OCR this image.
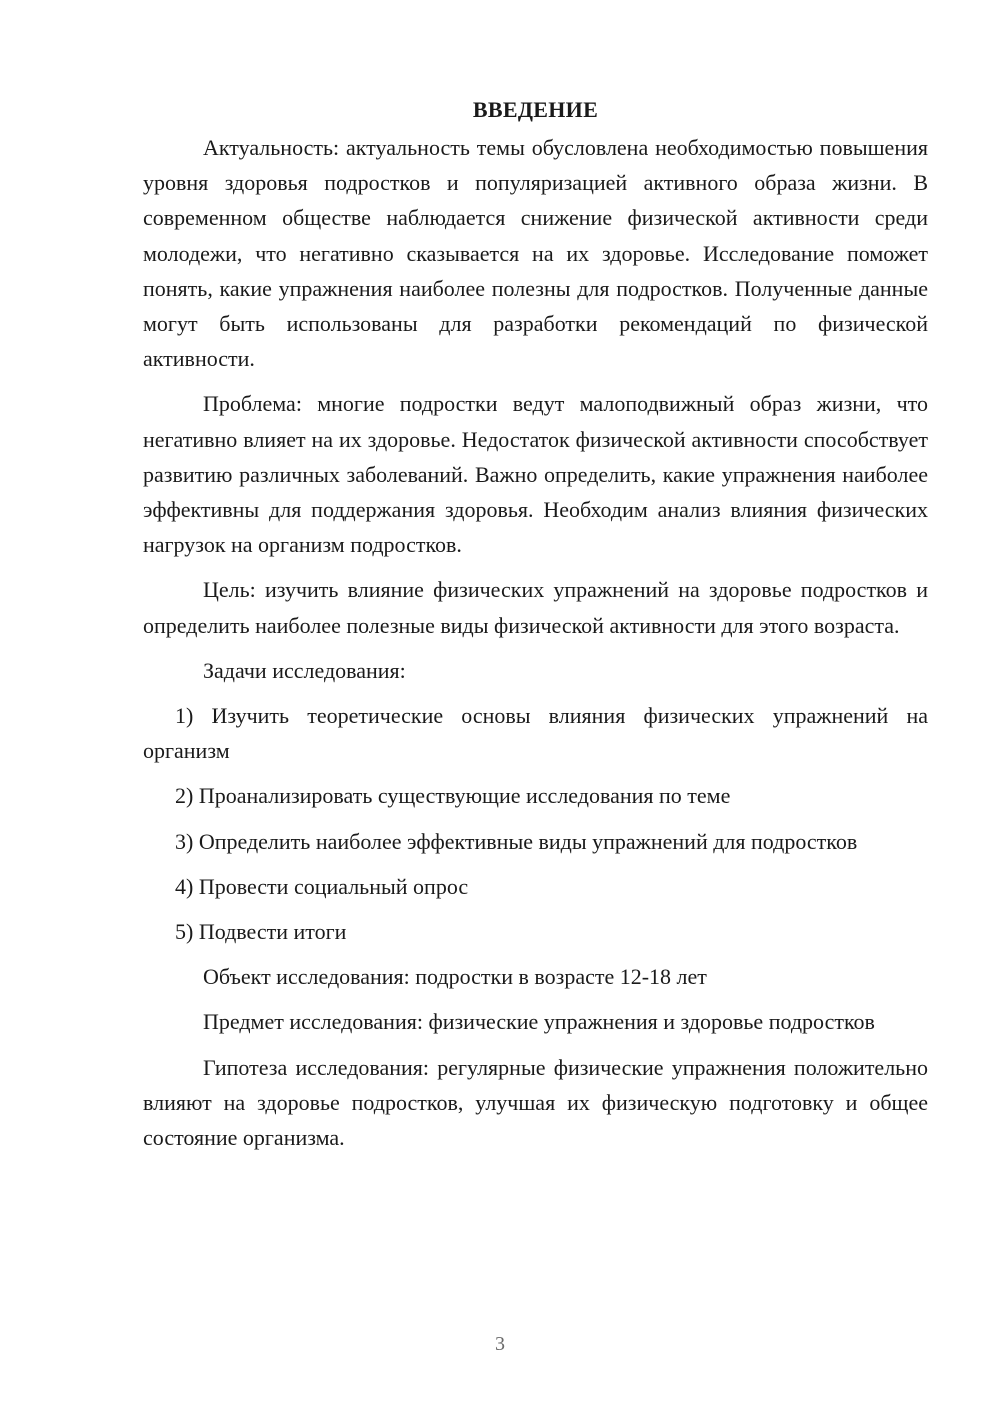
ВВЕДЕНИЕ

Актуальность: актуальность темы обусловлена необходимостью повышения уровня здоровья подростков и популяризацией активного образа жизни. В современном обществе наблюдается снижение физической активности среди молодежи, что негативно сказывается на их здоровье. Исследование поможет понять, какие упражнения наиболее полезны для подростков. Полученные данные могут быть использованы для разработки рекомендаций по физической активности.

Проблема: многие подростки ведут малоподвижный образ жизни, что негативно влияет на их здоровье. Недостаток физической активности способствует развитию различных заболеваний. Важно определить, какие упражнения наиболее эффективны для поддержания здоровья. Необходим анализ влияния физических нагрузок на организм подростков.

Цель: изучить влияние физических упражнений на здоровье подростков и определить наиболее полезные виды физической активности для этого возраста.

Задачи исследования:

1) Изучить теоретические основы влияния физических упражнений на организм

2) Проанализировать существующие исследования по теме

3) Определить наиболее эффективные виды упражнений для подростков

4) Провести социальный опрос

5) Подвести итоги

Объект исследования: подростки в возрасте 12-18 лет

Предмет исследования: физические упражнения и здоровье подростков

Гипотеза исследования: регулярные физические упражнения положительно влияют на здоровье подростков, улучшая их физическую подготовку и общее состояние организма.

3
